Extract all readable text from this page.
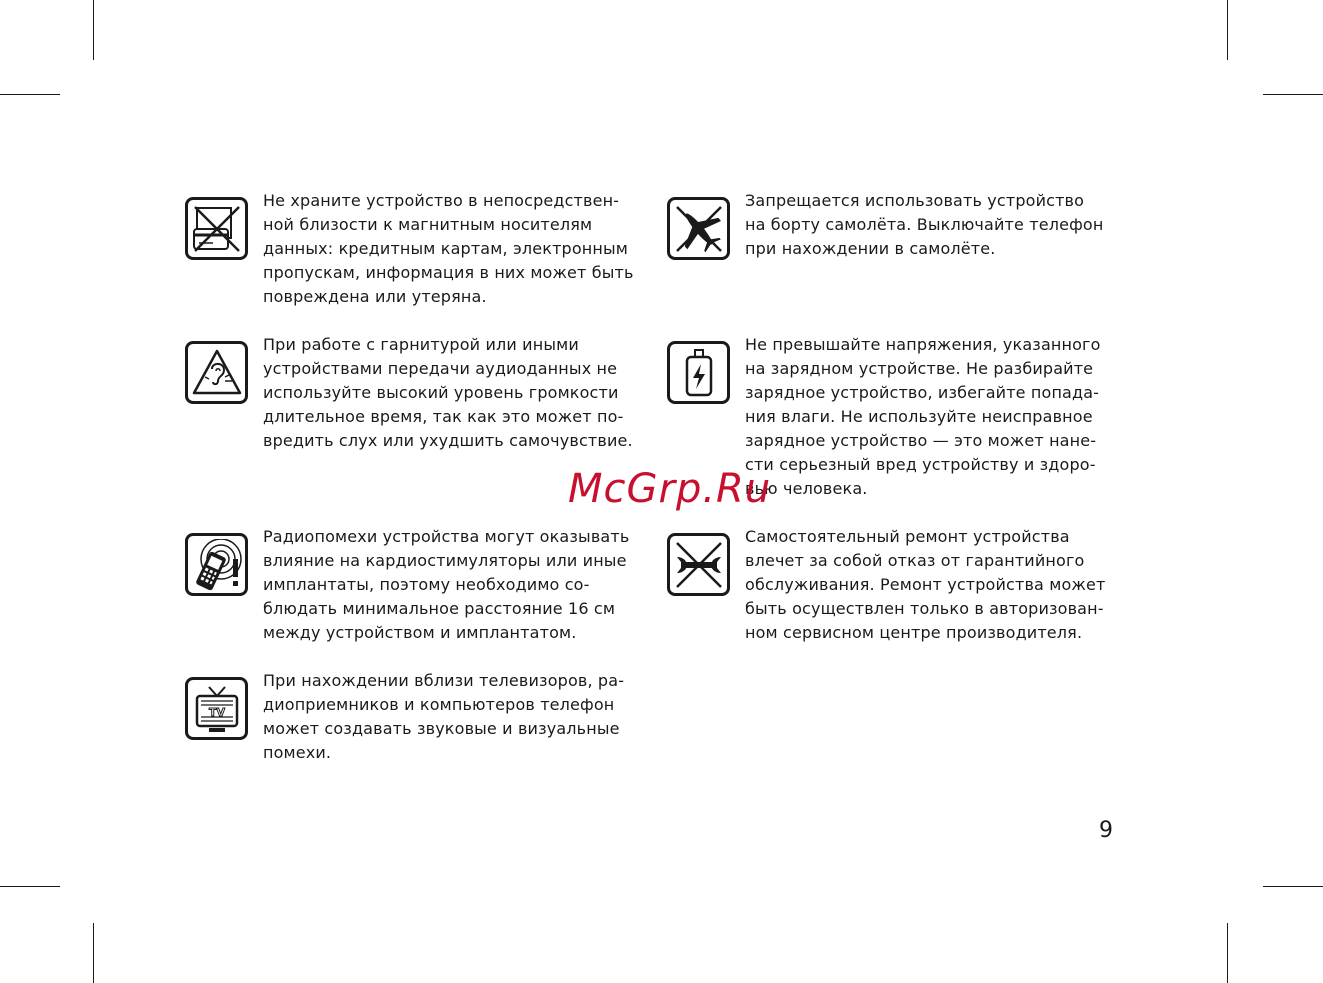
Не храните устройство в непосредствен-
ной близости к магнитным носителям
данных: кредитным картам, электронным
пропускам, информация в них может быть
повреждена или утеряна.
Запрещается использовать устройство
на борту самолёта. Выключайте телефон
при нахождении в самолёте.
При работе с гарнитурой или иными
устройствами передачи аудиоданных не
используйте высокий уровень громкости
длительное время, так как это может по-
вредить слух или ухудшить самочувствие.
Не превышайте напряжения, указанного
на зарядном устройстве. Не разбирайте
зарядное устройство, избегайте попада-
ния влаги. Не используйте неисправное
зарядное устройство — это может нане-
сти серьезный вред устройству и здоро-
вью человека.
Радиопомехи устройства могут оказывать
влияние на кардиостимуляторы или иные
имплантаты, поэтому необходимо со-
блюдать минимальное расстояние 16 см
между устройством и имплантатом.
Самостоятельный ремонт устройства
влечет за собой отказ от гарантийного
обслуживания. Ремонт устройства может
быть осуществлен только в авторизован-
ном сервисном центре производителя.
TV
При нахождении вблизи телевизоров, ра-
диоприемников и компьютеров телефон
может создавать звуковые и визуальные
помехи.
McGrp.Ru
9
